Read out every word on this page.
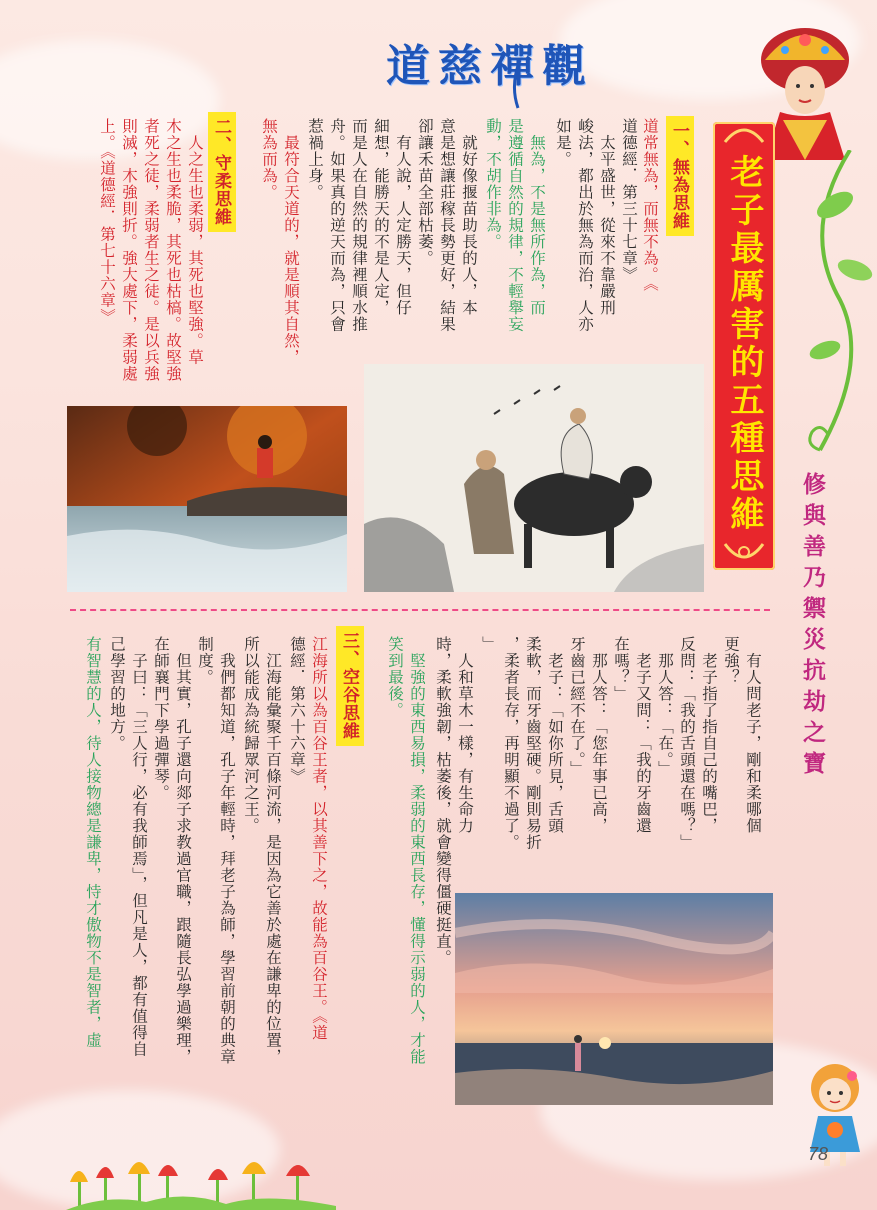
道慈禪觀
老子最厲害的五種思維
修與善乃禦災抗劫之寶
一、無為思維
道常無為，而無不為。《
道德經．第三十七章》
　太平盛世，從來不靠嚴刑
峻法，都出於無為而治，人亦
如是。
　無為，不是無所作為，而
是遵循自然的規律，不輕舉妄
動，不胡作非為。
　就好像揠苗助長的人，本
意是想讓莊稼長勢更好，結果
卻讓禾苗全部枯萎。
　有人說，人定勝天，但仔
細想，能勝天的不是人定，
而是人在自然的規律裡順水推
舟。如果真的逆天而為，只會
惹禍上身。
　最符合天道的，就是順其自然，
無為而為。
二、守柔思維
　人之生也柔弱，其死也堅強。草
木之生也柔脆，其死也枯槁。故堅強
者死之徒，柔弱者生之徒。是以兵強
則滅，木強則折。強大處下，柔弱處
上。《道德經．第七十六章》
　有人問老子，剛和柔哪個
更強？
　老子指了指自己的嘴巴，
反問：「我的舌頭還在嗎？」
　那人答：「在。」
　老子又問：「我的牙齒還
在嗎？」
　那人答：「您年事已高，
牙齒已經不在了。」
　老子：「如你所見，舌頭
柔軟，而牙齒堅硬。剛則易折
，柔者長存，再明顯不過了。
」
　人和草木一樣，有生命力
時，柔軟強韌，枯萎後，就會變得僵硬挺直。
　堅強的東西易損，柔弱的東西長存，懂得示弱的人，才能
笑到最後。
三、空谷思維
江海所以為百谷王者，以其善下之，故能為百谷王。《道
德經．第六十六章》
　江海能彙聚千百條河流，是因為它善於處在謙卑的位置，
所以能成為統歸眾河之王。
　我們都知道，孔子年輕時，拜老子為師，學習前朝的典章
制度。
　但其實，孔子還向郯子求教過官職，跟隨長弘學過樂理，
在師襄門下學過彈琴。
　子曰：「三人行，必有我師焉」，但凡是人，都有值得自
己學習的地方。
有智慧的人，待人接物總是謙卑，恃才傲物不是智者，虛
78
